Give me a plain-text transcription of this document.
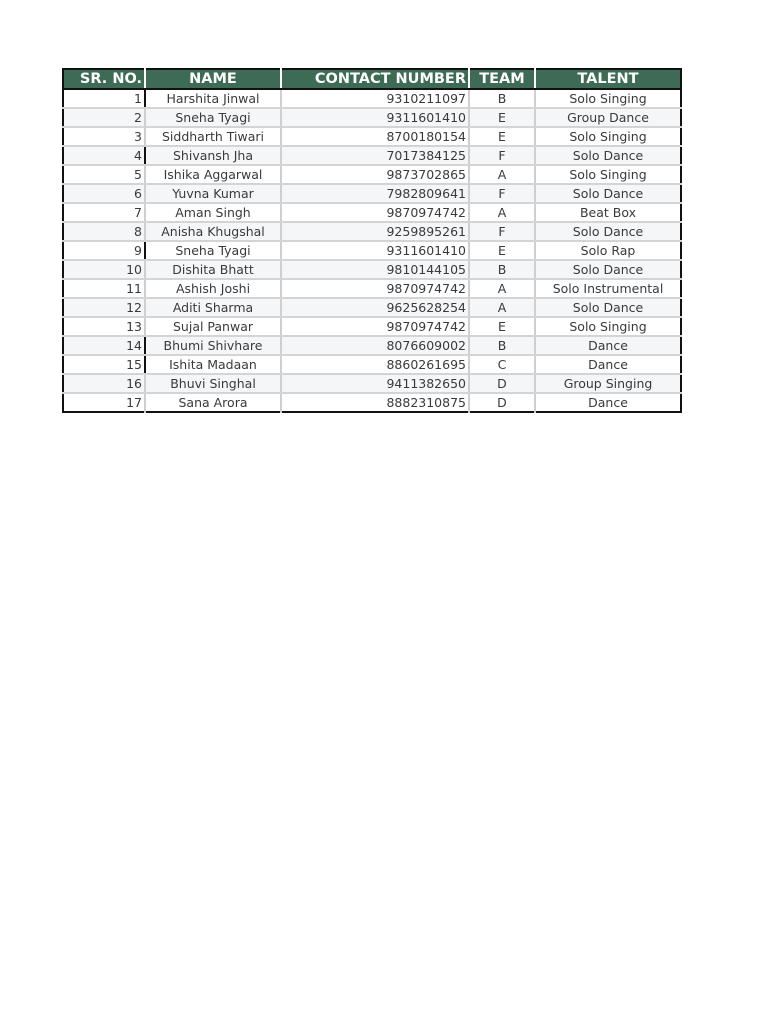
SR. NO.	NAME	CONTACT NUMBER	TEAM	TALENT
1	Harshita Jinwal	9310211097	B	Solo Singing
2	Sneha Tyagi	9311601410	E	Group Dance
3	Siddharth Tiwari	8700180154	E	Solo Singing
4	Shivansh Jha	7017384125	F	Solo Dance
5	Ishika Aggarwal	9873702865	A	Solo Singing
6	Yuvna Kumar	7982809641	F	Solo Dance
7	Aman Singh	9870974742	A	Beat Box
8	Anisha Khugshal	9259895261	F	Solo Dance
9	Sneha Tyagi	9311601410	E	Solo Rap
10	Dishita Bhatt	9810144105	B	Solo Dance
11	Ashish Joshi	9870974742	A	Solo Instrumental
12	Aditi Sharma	9625628254	A	Solo Dance
13	Sujal Panwar	9870974742	E	Solo Singing
14	Bhumi Shivhare	8076609002	B	Dance
15	Ishita Madaan	8860261695	C	Dance
16	Bhuvi Singhal	9411382650	D	Group Singing
17	Sana Arora	8882310875	D	Dance
